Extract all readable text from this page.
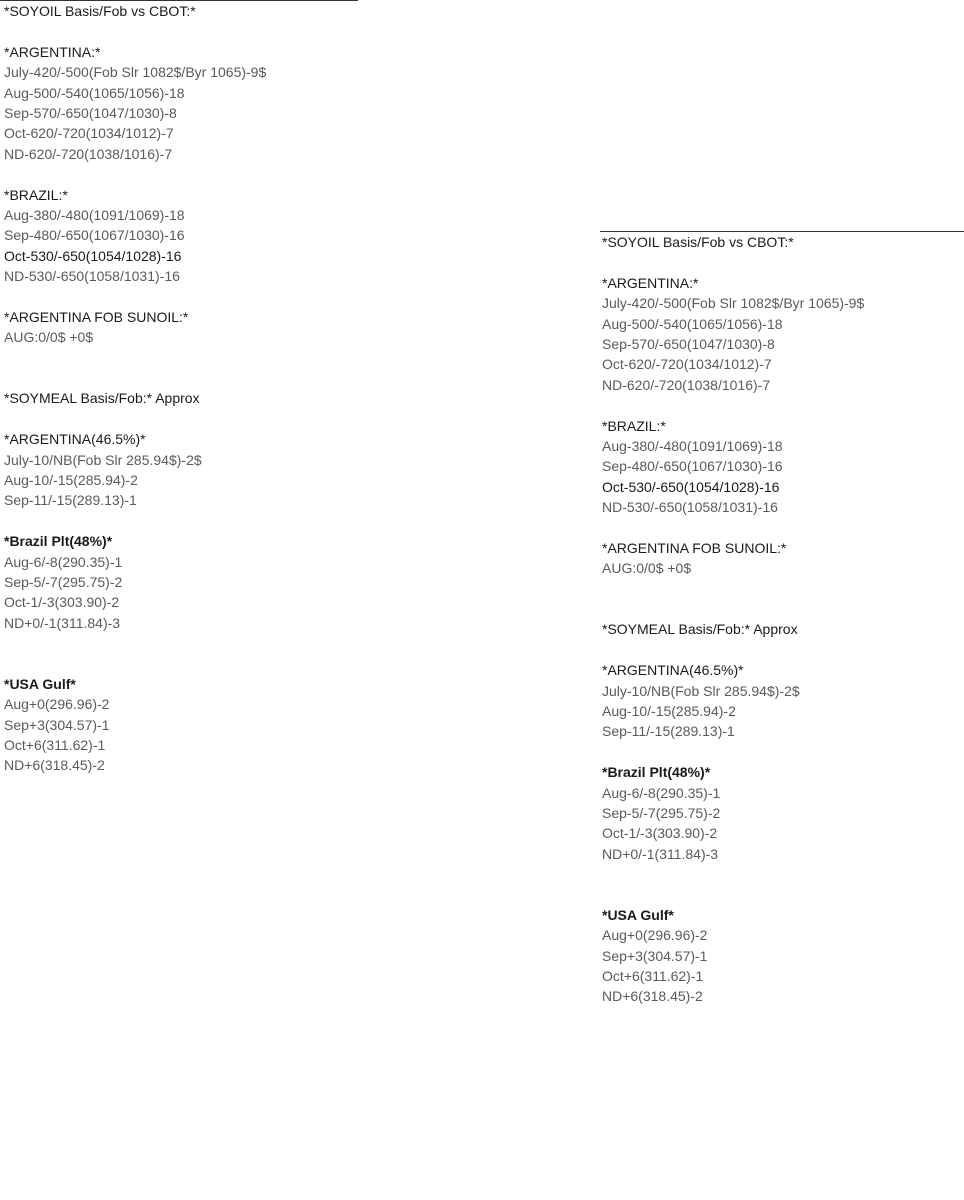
*SOYOIL Basis/Fob vs CBOT:*
*ARGENTINA:*
July-420/-500(Fob Slr 1082$/Byr 1065)-9$
Aug-500/-540(1065/1056)-18
Sep-570/-650(1047/1030)-8
Oct-620/-720(1034/1012)-7
ND-620/-720(1038/1016)-7
*BRAZIL:*
Aug-380/-480(1091/1069)-18
Sep-480/-650(1067/1030)-16
Oct-530/-650(1054/1028)-16
ND-530/-650(1058/1031)-16
*ARGENTINA FOB SUNOIL:*
AUG:0/0$ +0$
*SOYMEAL Basis/Fob:* Approx
*ARGENTINA(46.5%)*
July-10/NB(Fob Slr 285.94$)-2$
Aug-10/-15(285.94)-2
Sep-11/-15(289.13)-1
*Brazil Plt(48%)*
Aug-6/-8(290.35)-1
Sep-5/-7(295.75)-2
Oct-1/-3(303.90)-2
ND+0/-1(311.84)-3
*USA Gulf*
Aug+0(296.96)-2
Sep+3(304.57)-1
Oct+6(311.62)-1
ND+6(318.45)-2
*SOYOIL Basis/Fob vs CBOT:*
*ARGENTINA:*
July-420/-500(Fob Slr 1082$/Byr 1065)-9$
Aug-500/-540(1065/1056)-18
Sep-570/-650(1047/1030)-8
Oct-620/-720(1034/1012)-7
ND-620/-720(1038/1016)-7
*BRAZIL:*
Aug-380/-480(1091/1069)-18
Sep-480/-650(1067/1030)-16
Oct-530/-650(1054/1028)-16
ND-530/-650(1058/1031)-16
*ARGENTINA FOB SUNOIL:*
AUG:0/0$ +0$
*SOYMEAL Basis/Fob:* Approx
*ARGENTINA(46.5%)*
July-10/NB(Fob Slr 285.94$)-2$
Aug-10/-15(285.94)-2
Sep-11/-15(289.13)-1
*Brazil Plt(48%)*
Aug-6/-8(290.35)-1
Sep-5/-7(295.75)-2
Oct-1/-3(303.90)-2
ND+0/-1(311.84)-3
*USA Gulf*
Aug+0(296.96)-2
Sep+3(304.57)-1
Oct+6(311.62)-1
ND+6(318.45)-2
